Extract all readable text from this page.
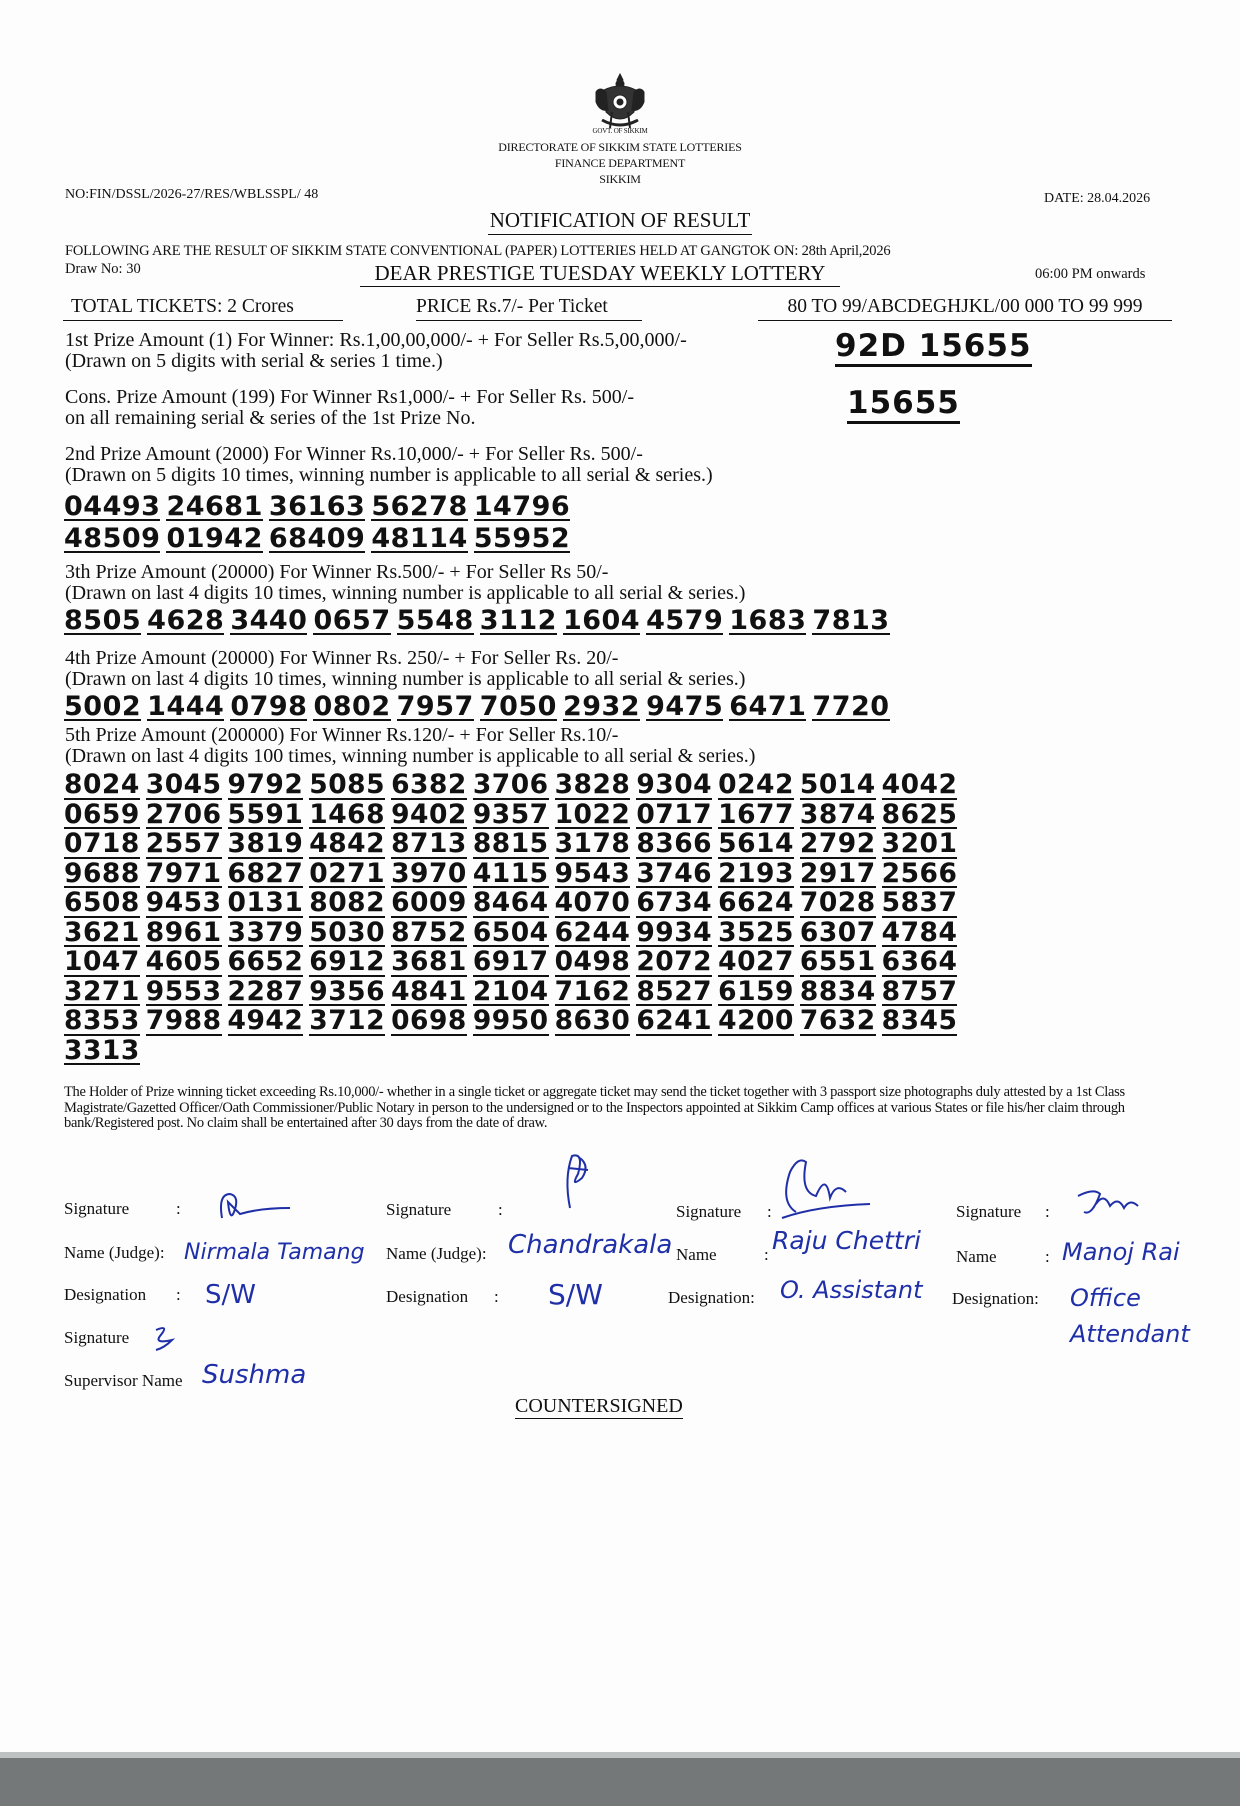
GOVT. OF SIKKIM
DIRECTORATE OF SIKKIM STATE LOTTERIES
FINANCE DEPARTMENT
SIKKIM
NO:FIN/DSSL/2026-27/RES/WBLSSPL/ 48	DATE: 28.04.2026
NOTIFICATION OF RESULT
FOLLOWING ARE THE RESULT OF SIKKIM STATE CONVENTIONAL (PAPER) LOTTERIES HELD AT GANGTOK ON: 28th April,2026
Draw No: 30	DEAR PRESTIGE TUESDAY WEEKLY LOTTERY	06:00 PM onwards
TOTAL TICKETS: 2 Crores	PRICE Rs.7/- Per Ticket	80 TO 99/ABCDEGHJKL/00 000 TO 99 999
1st Prize Amount (1) For Winner: Rs.1,00,00,000/- + For Seller Rs.5,00,000/-
(Drawn on 5 digits with serial & series 1 time.)	92D 15655
Cons. Prize Amount (199) For Winner Rs1,000/- + For Seller Rs. 500/-
on all remaining serial & series of the 1st Prize No.	15655
2nd Prize Amount (2000) For Winner Rs.10,000/- + For Seller Rs. 500/-
(Drawn on 5 digits 10 times, winning number is applicable to all serial & series.)
04493 24681 36163 56278 14796
48509 01942 68409 48114 55952
3th Prize Amount (20000) For Winner Rs.500/- + For Seller Rs 50/-
(Drawn on last 4 digits 10 times, winning number is applicable to all serial & series.)
8505 4628 3440 0657 5548 3112 1604 4579 1683 7813
4th Prize Amount (20000) For Winner Rs. 250/- + For Seller Rs. 20/-
(Drawn on last 4 digits 10 times, winning number is applicable to all serial & series.)
5002 1444 0798 0802 7957 7050 2932 9475 6471 7720
5th Prize Amount (200000) For Winner Rs.120/- + For Seller Rs.10/-
(Drawn on last 4 digits 100 times, winning number is applicable to all serial & series.)
8024 3045 9792 5085 6382 3706 3828 9304 0242 5014 4042
0659 2706 5591 1468 9402 9357 1022 0717 1677 3874 8625
0718 2557 3819 4842 8713 8815 3178 8366 5614 2792 3201
9688 7971 6827 0271 3970 4115 9543 3746 2193 2917 2566
6508 9453 0131 8082 6009 8464 4070 6734 6624 7028 5837
3621 8961 3379 5030 8752 6504 6244 9934 3525 6307 4784
1047 4605 6652 6912 3681 6917 0498 2072 4027 6551 6364
3271 9553 2287 9356 4841 2104 7162 8527 6159 8834 8757
8353 7988 4942 3712 0698 9950 8630 6241 4200 7632 8345
3313
The Holder of Prize winning ticket exceeding Rs.10,000/- whether in a single ticket or aggregate ticket may send the ticket together with 3 passport size photographs duly attested by a 1st Class Magistrate/Gazetted Officer/Oath Commissioner/Public Notary in person to the undersigned or to the Inspectors appointed at Sikkim Camp offices at various States or file his/her claim through bank/Registered post. No claim shall be entertained after 30 days from the date of draw.
Signature	:
Name (Judge): Nirmala Tamang
Designation : S/W
Signature
Supervisor Name Sushma
Signature	:
Name (Judge): Chandrakala
Designation : S/W
Signature :
Name	: Raju Chettri
Designation: O. Assistant
Signature :
Name	: Manoj Rai
Designation: Office Attendant
COUNTERSIGNED
